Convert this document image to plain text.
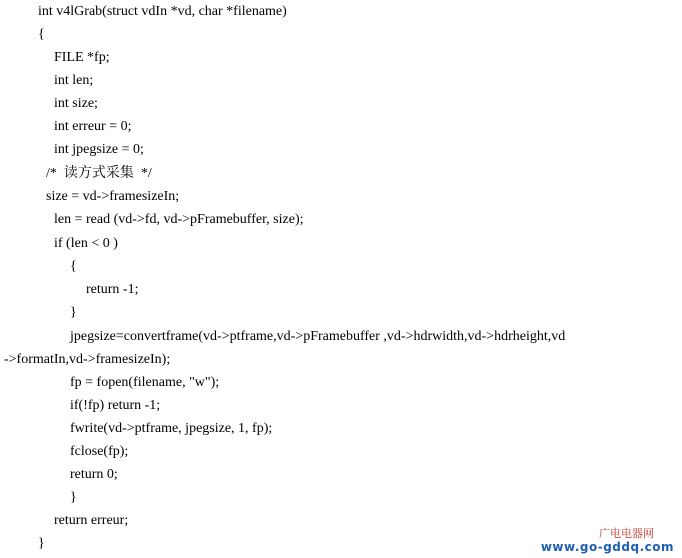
int v4lGrab(struct vdIn *vd, char *filename)
{
FILE *fp;
int len;
int size;
int erreur = 0;
int jpegsize = 0;
/*  读方式采集  */
size = vd->framesizeIn;
len = read (vd->fd, vd->pFramebuffer, size);
if (len < 0 )
{
return -1;
}
jpegsize=convertframe(vd->ptframe,vd->pFramebuffer ,vd->hdrwidth,vd->hdrheight,vd
->formatIn,vd->framesizeIn);
fp = fopen(filename, "w");
if(!fp) return -1;
fwrite(vd->ptframe, jpegsize, 1, fp);
fclose(fp);
return 0;
}
return erreur;
}
广电电器网
www.go-gddq.com
